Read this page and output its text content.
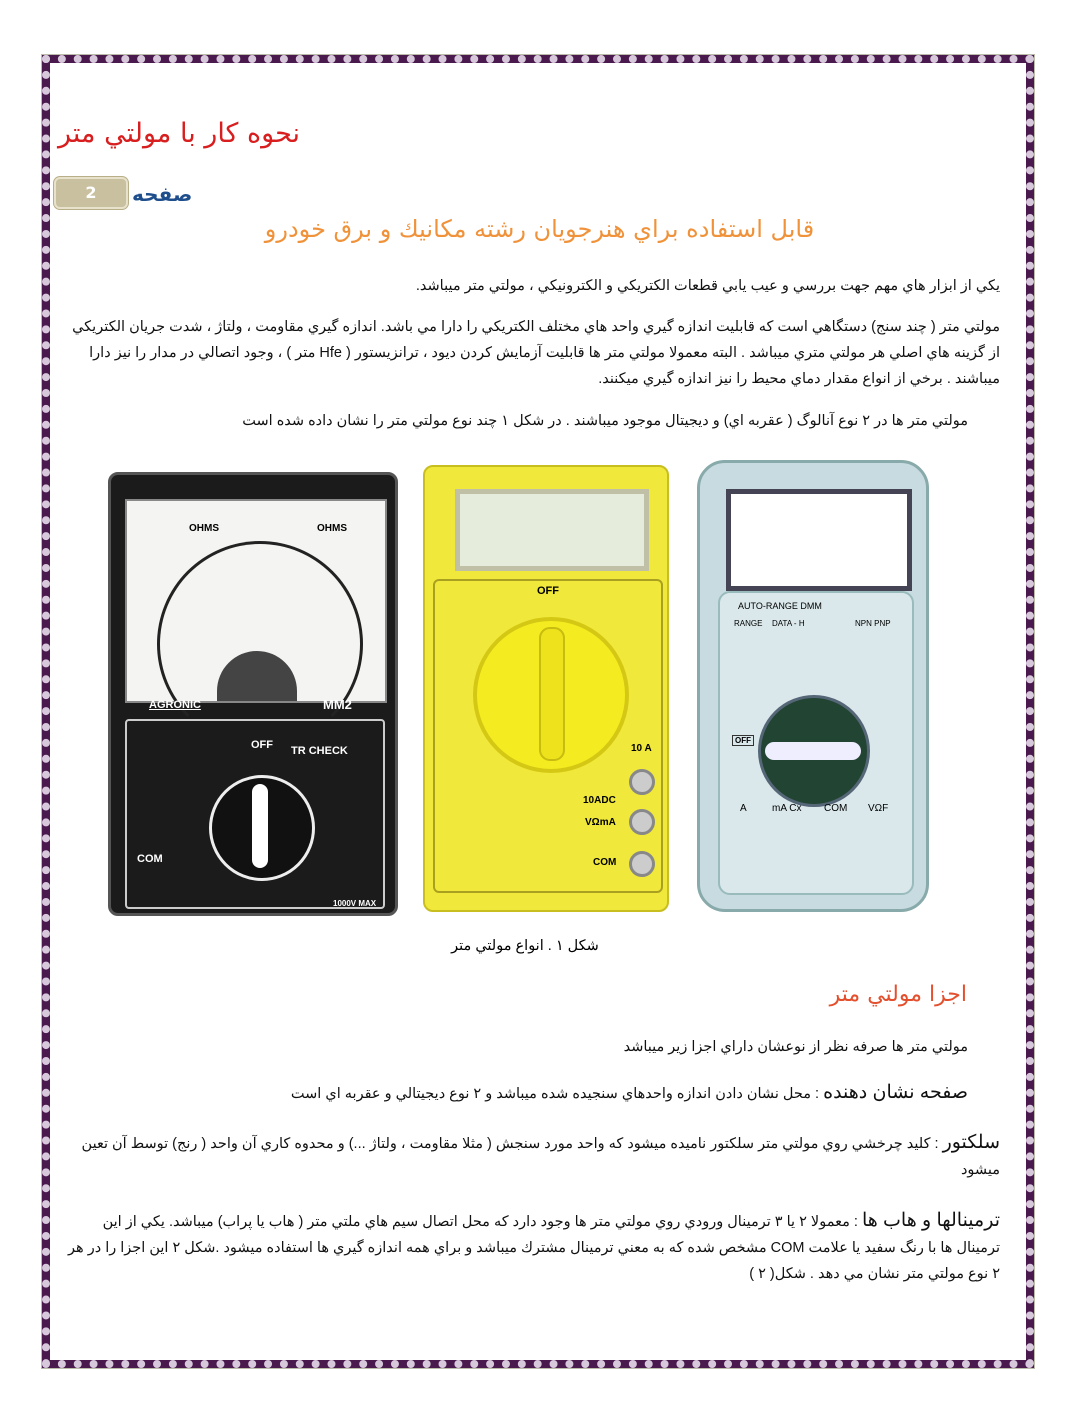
نحوه كار با مولتي متر
2	صفحه
قابل استفاده براي هنرجويان رشته مكانيك و برق خودرو
يكي از ابزار هاي مهم جهت بررسي و عيب يابي قطعات الكتريكي و الكترونيكي ، مولتي متر ميباشد.
مولتي متر ( چند سنج) دستگاهي است كه قابليت اندازه گيري واحد هاي مختلف الكتريكي را دارا مي باشد. اندازه گيري مقاومت ، ولتاژ ، شدت جريان الكتريكي از گزينه هاي اصلي هر مولتي متري ميباشد . البته معمولا مولتي متر ها قابليت آزمايش كردن ديود ، ترانزيستور ( Hfe متر ) ، وجود اتصالي در مدار را نيز دارا ميباشند . برخي از انواع مقدار دماي محيط را نيز اندازه گيري ميكنند.
مولتي متر ها در ٢ نوع آنالوگ ( عقربه اي) و ديجيتال موجود ميباشند . در شكل ١ چند نوع مولتي متر را نشان داده شده است
OHMS	OHMS
AGRONIC	MM2
OFF TR CHECK
COM
1000V MAX
OFF
10 A
10ADC
VΩmA
COM
AUTO-RANGE DMM
RANGE DATA - H	NPN PNP
OFF
A	mA Cx COM VΩF
شكل ١ . انواع مولتي متر
اجزا مولتي متر
مولتي متر ها صرفه نظر از نوعشان داراي اجزا زير ميباشد
صفحه نشان دهنده : محل نشان دادن اندازه واحدهاي سنجيده شده ميباشد و ٢ نوع ديجيتالي و عقربه اي است
سلكتور : كليد چرخشي روي مولتي متر سلكتور ناميده ميشود كه واحد مورد سنجش ( مثلا مقاومت ، ولتاژ ...) و محدوه كاري آن واحد ( رنج) توسط آن تعين ميشود
ترمينالها و هاب ها : معمولا ٢ يا ٣ ترمينال ورودي روي مولتي متر ها وجود دارد كه محل اتصال سيم هاي ملتي متر ( هاب يا پراب) ميباشد. يكي از اين ترمينال ها با رنگ سفيد يا علامت COM مشخص شده كه به معني ترمينال مشترك ميباشد و براي همه اندازه گيري ها استفاده ميشود .شكل ٢ اين اجزا را در هر ٢ نوع مولتي متر نشان مي دهد . شكل( ٢ )
